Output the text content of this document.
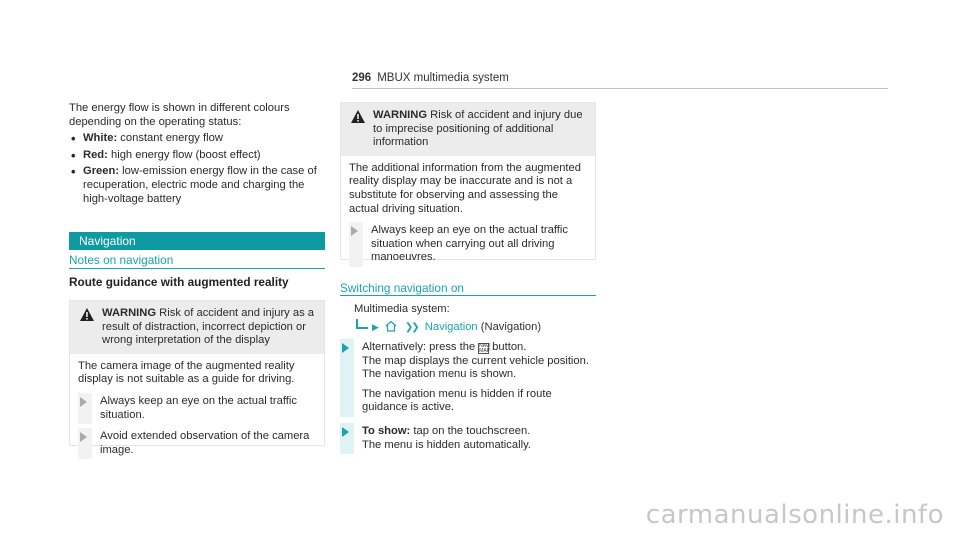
296 MBUX multimedia system

The energy flow is shown in different colours depending on the operating status:

• White: constant energy flow
• Red: high energy flow (boost effect)
• Green: low-emission energy flow in the case of recuperation, electric mode and charging the high-voltage battery
Navigation
Notes on navigation
Route guidance with augmented reality
WARNING Risk of accident and injury as a result of distraction, incorrect depiction or wrong interpretation of the display

The camera image of the augmented reality display is not suitable as a guide for driving.

Always keep an eye on the actual traffic situation.
Avoid extended observation of the camera image.
WARNING Risk of accident and injury due to imprecise positioning of additional information

The additional information from the augmented reality display may be inaccurate and is not a substitute for observing and assessing the actual driving situation.

Always keep an eye on the actual traffic situation when carrying out all driving manoeuvres.
Switching navigation on
Multimedia system:
▶	❯❯ Navigation (Navigation)

Alternatively: press the NAVI MAP button.

The map displays the current vehicle position. The navigation menu is shown.

The navigation menu is hidden if route guidance is active.

To show: tap on the touchscreen.

The menu is hidden automatically.

carmanualsonline.info
